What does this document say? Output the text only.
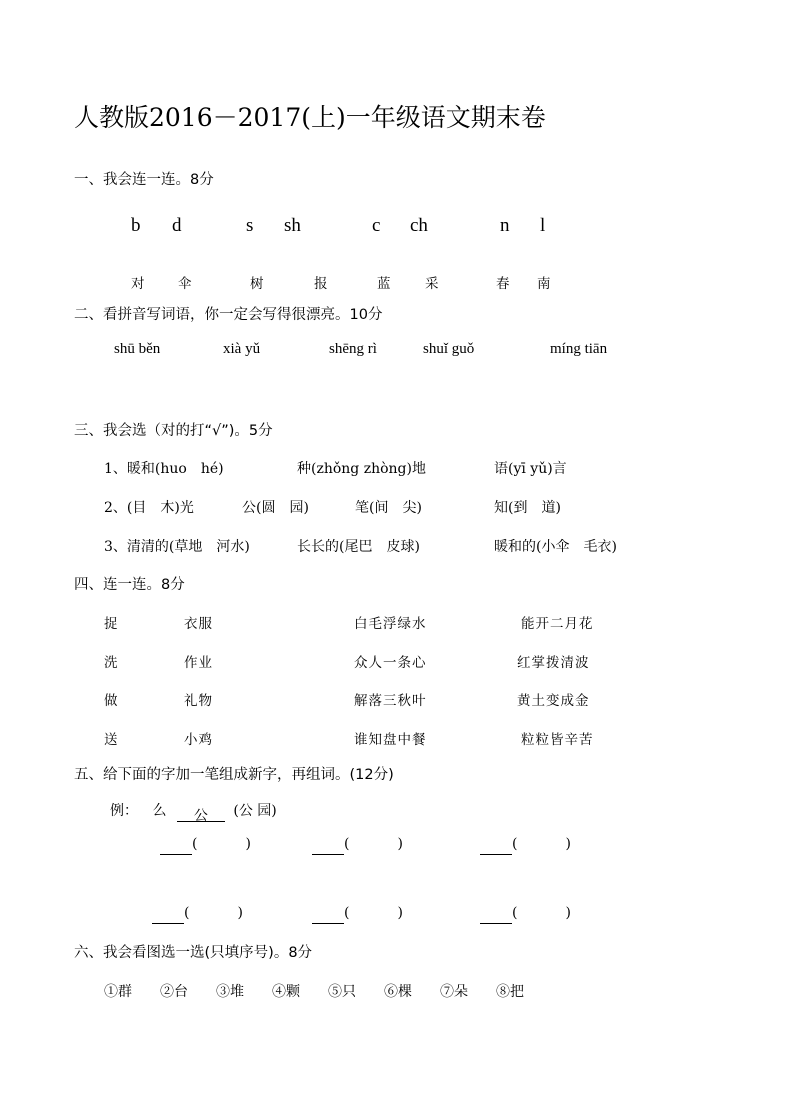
人教版2016－2017(上)一年级语文期末卷
一、我会连一连。8分
b d	s sh	c ch	n l
对 伞	树	报	蓝 采	春 南
二、看拼音写词语，你一定会写得很漂亮。10分
shū běn	xià yǔ	shēng rì	shuǐ guǒ	míng tiān
三、我会选（对的打“√”)。5分
1、暖和(huo　hé)	种(zhǒng zhòng)地	语(yī yǔ)言
2、(目　木)光	公(圆　园)	笔(间　尖)	知(到　道)
3、清清的(草地　河水)	长长的(尾巴　皮球)	暖和的(小伞　毛衣)
四、连一连。8分
捉	衣服	白毛浮绿水	能开二月花
洗	作业	众人一条心	红掌拨清波
做	礼物	解落三秋叶	黄土变成金
送	小鸡	谁知盘中餐	粒粒皆辛苦
五、给下面的字加一笔组成新字，再组词。(12分)
例： 么 公 (公 园)
(	)	(	)	(	)
(	)	(	)	(	)
六、我会看图选一选(只填序号)。8分
①群 ②台 ③堆 ④颗 ⑤只 ⑥棵 ⑦朵 ⑧把
